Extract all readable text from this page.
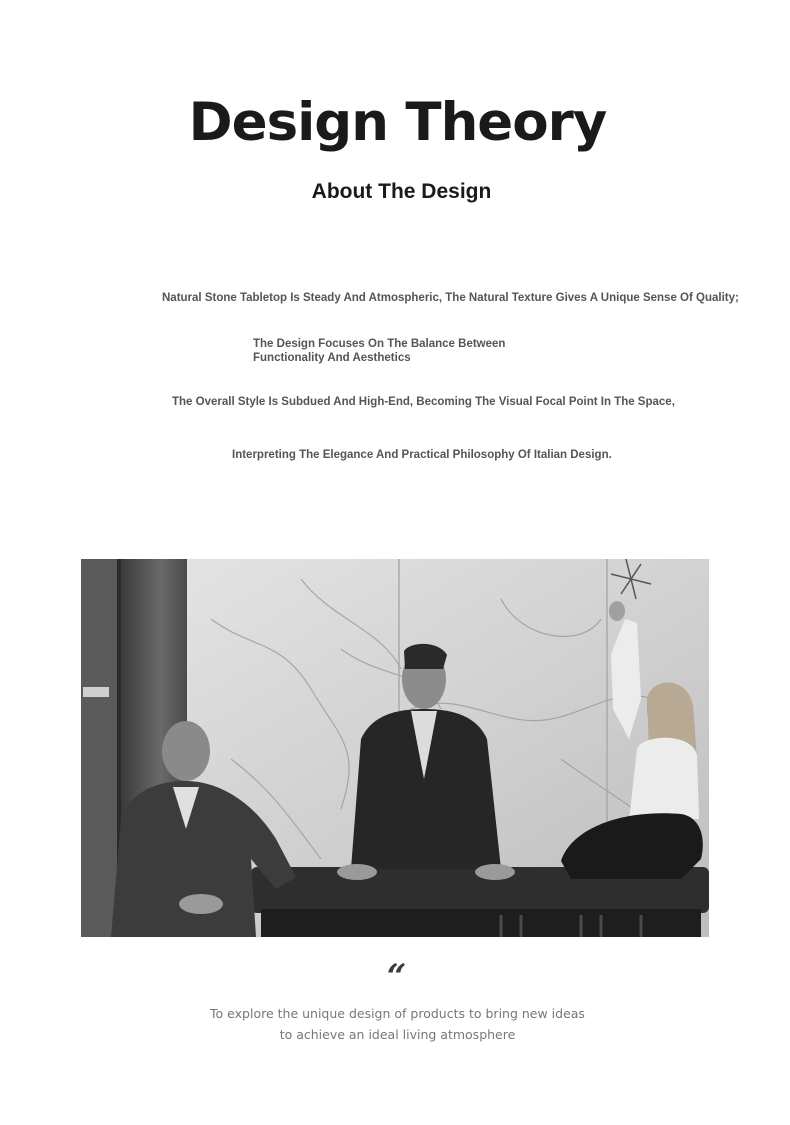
Design Theory
About The Design

Natural Stone Tabletop Is Steady And Atmospheric, The Natural Texture Gives A Unique Sense Of Quality;

The Design Focuses On The Balance Between Functionality And Aesthetics

The Overall Style Is Subdued And High-End, Becoming The Visual Focal Point In The Space,

Interpreting The Elegance And Practical Philosophy Of Italian Design.

“
To explore the unique design of products to bring new ideas
to achieve an ideal living atmosphere
